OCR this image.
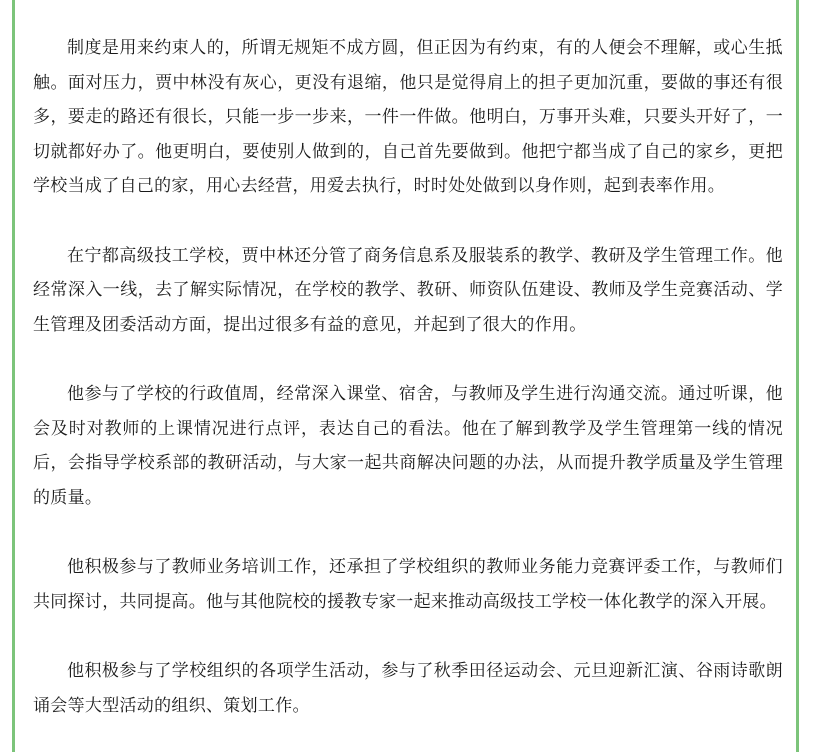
制度是用来约束人的，所谓无规矩不成方圆，但正因为有约束，有的人便会不理解，或心生抵触。面对压力，贾中林没有灰心，更没有退缩，他只是觉得肩上的担子更加沉重，要做的事还有很多，要走的路还有很长，只能一步一步来，一件一件做。他明白，万事开头难，只要头开好了，一切就都好办了。他更明白，要使别人做到的，自己首先要做到。他把宁都当成了自己的家乡，更把学校当成了自己的家，用心去经营，用爱去执行，时时处处做到以身作则，起到表率作用。

在宁都高级技工学校，贾中林还分管了商务信息系及服装系的教学、教研及学生管理工作。他经常深入一线，去了解实际情况，在学校的教学、教研、师资队伍建设、教师及学生竞赛活动、学生管理及团委活动方面，提出过很多有益的意见，并起到了很大的作用。

他参与了学校的行政值周，经常深入课堂、宿舍，与教师及学生进行沟通交流。通过听课，他会及时对教师的上课情况进行点评，表达自己的看法。他在了解到教学及学生管理第一线的情况后，会指导学校系部的教研活动，与大家一起共商解决问题的办法，从而提升教学质量及学生管理的质量。

他积极参与了教师业务培训工作，还承担了学校组织的教师业务能力竞赛评委工作，与教师们共同探讨，共同提高。他与其他院校的援教专家一起来推动高级技工学校一体化教学的深入开展。

他积极参与了学校组织的各项学生活动，参与了秋季田径运动会、元旦迎新汇演、谷雨诗歌朗诵会等大型活动的组织、策划工作。
